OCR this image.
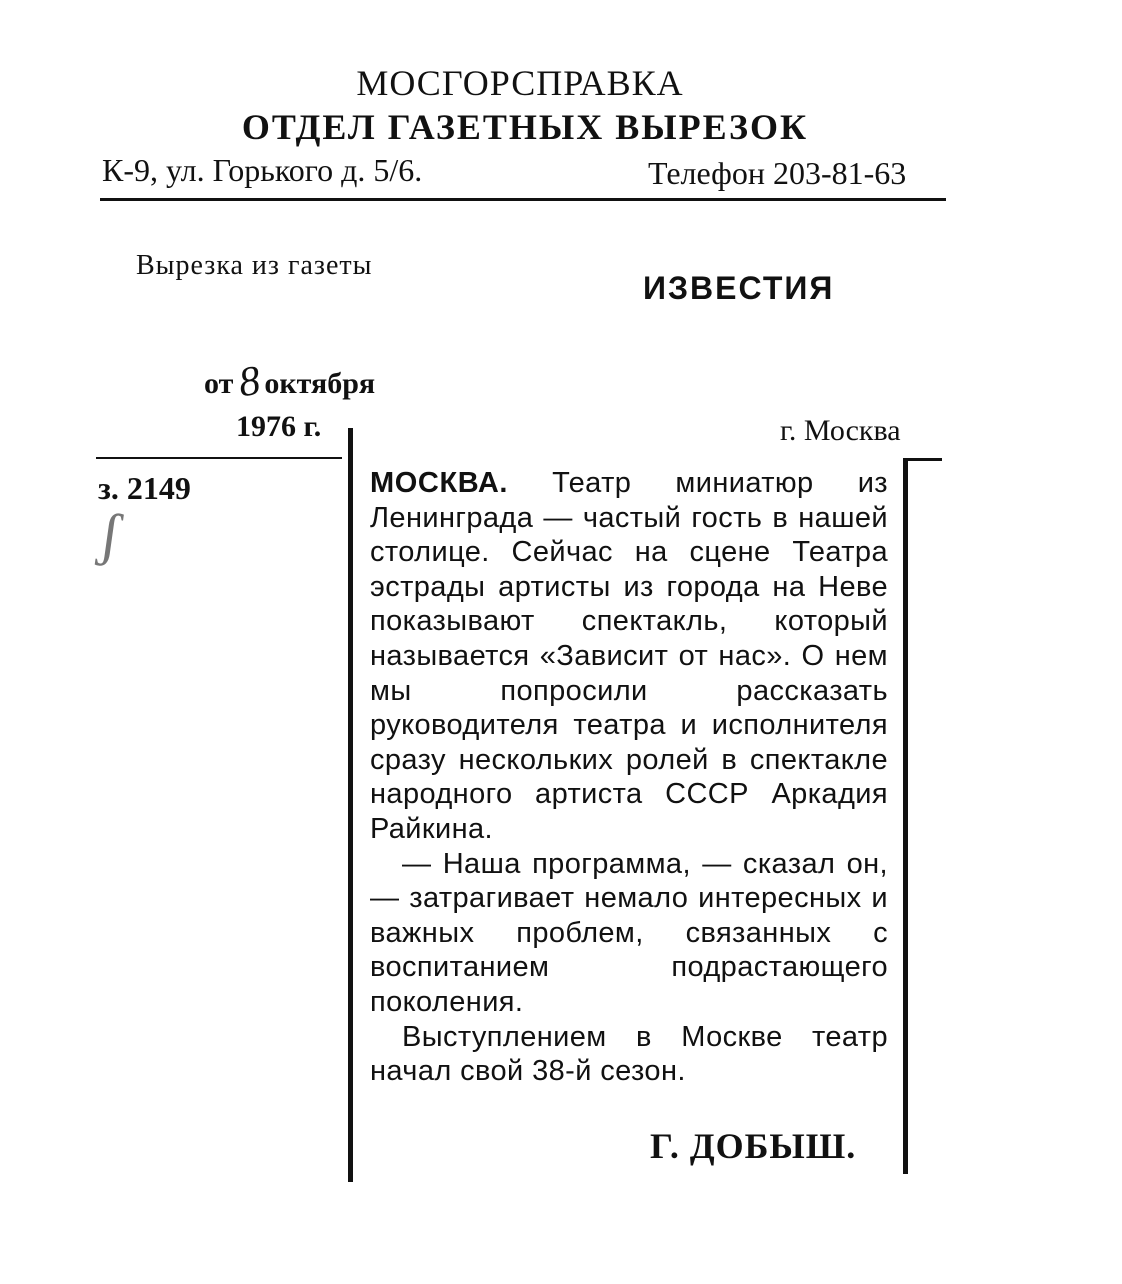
МОСГОРСПРАВКА
ОТДЕЛ ГАЗЕТНЫХ ВЫРЕЗОК
К-9, ул. Горького д. 5/6.	Телефон 203-81-63
Вырезка из газеты
ИЗВЕСТИЯ
от8октября
1976 г.	г. Москва
з. 2149
ʃ

МОСКВА. Театр миниатюр из Ленинграда — частый гость в нашей столице. Сейчас на сцене Театра эстрады артисты из города на Неве показывают спектакль, который называется «Зависит от нас». О нем мы попросили рассказать руководителя театра и исполнителя сразу нескольких ролей в спектакле народного артиста СССР Аркадия Райкина.

— Наша программа, — сказал он, — затрагивает немало интересных и важных проблем, связанных с воспитанием подрастающего поколения.

Выступлением в Москве театр начал свой 38-й сезон.

Г. ДОБЫШ.
